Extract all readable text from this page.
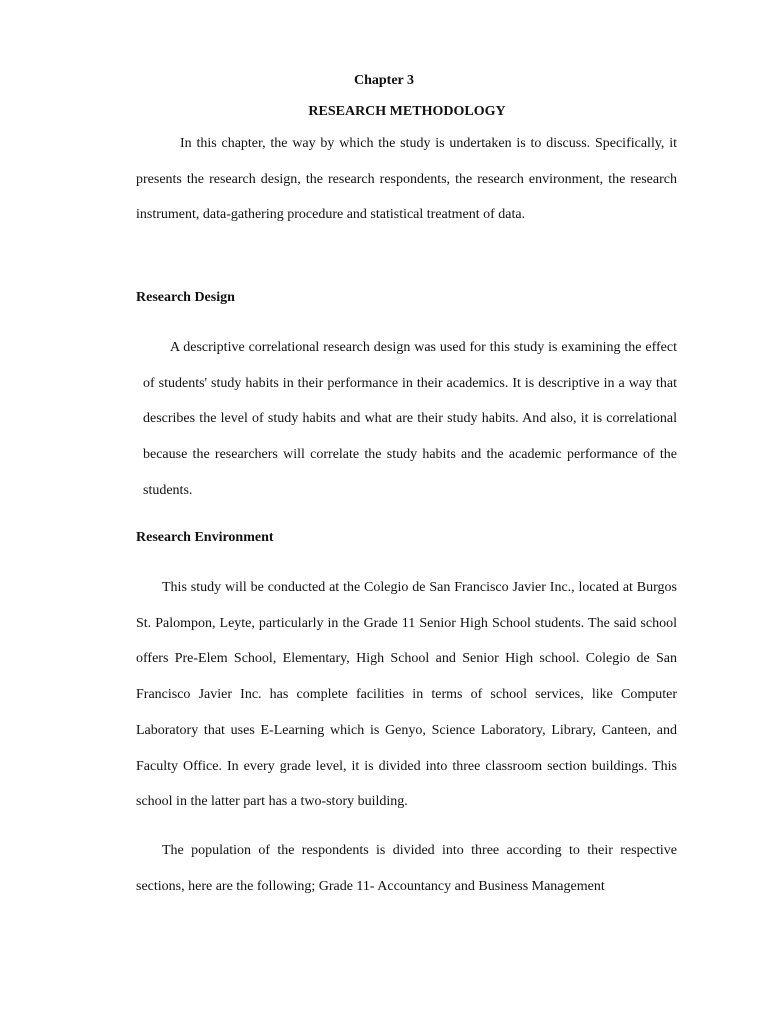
Chapter 3

RESEARCH METHODOLOGY

In this chapter, the way by which the study is undertaken is to discuss. Specifically, it presents the research design, the research respondents, the research environment, the research instrument, data-gathering procedure and statistical treatment of data.

Research Design

A descriptive correlational research design was used for this study is examining the effect of students' study habits in their performance in their academics. It is descriptive in a way that describes the level of study habits and what are their study habits. And also, it is correlational because the researchers will correlate the study habits and the academic performance of the students.

Research Environment

This study will be conducted at the Colegio de San Francisco Javier Inc., located at Burgos St. Palompon, Leyte, particularly in the Grade 11 Senior High School students. The said school offers Pre-Elem School, Elementary, High School and Senior High school. Colegio de San Francisco Javier Inc. has complete facilities in terms of school services, like Computer Laboratory that uses E-Learning which is Genyo, Science Laboratory, Library, Canteen, and Faculty Office. In every grade level, it is divided into three classroom section buildings. This school in the latter part has a two-story building.

The population of the respondents is divided into three according to their respective sections, here are the following; Grade 11- Accountancy and Business Management
